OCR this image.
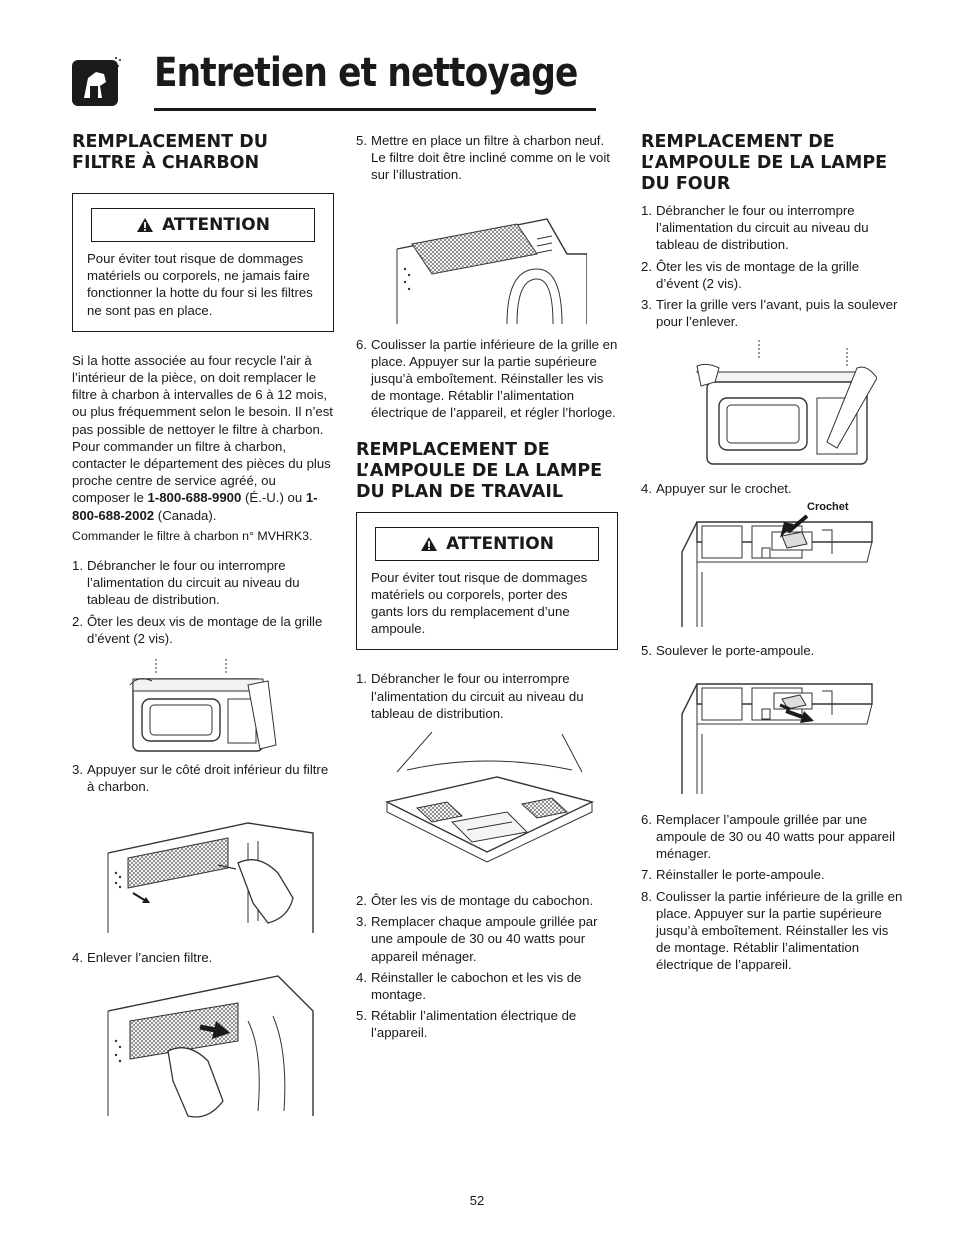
Entretien et nettoyage
REMPLACEMENT DU FILTRE À CHARBON
ATTENTION

Pour éviter tout risque de dommages matériels ou corporels, ne jamais faire fonctionner la hotte du four si les filtres ne sont pas en place.

Si la hotte associée au four recycle l’air à l’intérieur de la pièce, on doit remplacer le filtre à charbon à intervalles de 6 à 12 mois, ou plus fréquemment selon le besoin. Il n’est pas possible de nettoyer le filtre à charbon. Pour commander un filtre à charbon, contacter le département des pièces du plus proche centre de service agréé, ou composer le 1-800-688-9900 (É.-U.) ou 1-800-688-2002 (Canada).

Commander le filtre à charbon n° MVHRK3.

1. Débrancher le four ou interrompre l’alimentation du circuit au niveau du tableau de distribution.
2. Ôter les deux vis de montage de la grille d’évent (2 vis).
3. Appuyer sur le côté droit inférieur du filtre à charbon.
4. Enlever l’ancien filtre.
5. Mettre en place un filtre à charbon neuf. Le filtre doit être incliné comme on le voit sur l’illustration.
6. Coulisser la partie inférieure de la grille en place. Appuyer sur la partie supérieure jusqu’à emboîtement. Réinstaller les vis de montage. Rétablir l’alimentation électrique de l’appareil, et régler l’horloge.
REMPLACEMENT DE L’AMPOULE DE LA LAMPE DU PLAN DE TRAVAIL
ATTENTION

Pour éviter tout risque de dommages matériels ou corporels, porter des gants lors du remplacement d’une ampoule.

1. Débrancher le four ou interrompre l’alimentation du circuit au niveau du tableau de distribution.
2. Ôter les vis de montage du cabochon.
3. Remplacer chaque ampoule grillée par une ampoule de 30 ou 40 watts pour appareil ménager.
4. Réinstaller le cabochon et les vis de montage.
5. Rétablir l’alimentation électrique de l’appareil.
REMPLACEMENT DE L’AMPOULE DE LA LAMPE DU FOUR
1. Débrancher le four ou interrompre l’alimentation du circuit au niveau du tableau de distribution.
2. Ôter les vis de montage de la grille d’évent (2 vis).
3. Tirer la grille vers l’avant, puis la soulever pour l’enlever.
4. Appuyer sur le crochet.
Crochet
5. Soulever le porte-ampoule.
6. Remplacer l’ampoule grillée par une ampoule de 30 ou 40 watts pour appareil ménager.
7. Réinstaller le porte-ampoule.
8. Coulisser la partie inférieure de la grille en place. Appuyer sur la partie supérieure jusqu’à emboîtement. Réinstaller les vis de montage. Rétablir l’alimentation électrique de l’appareil.
52
